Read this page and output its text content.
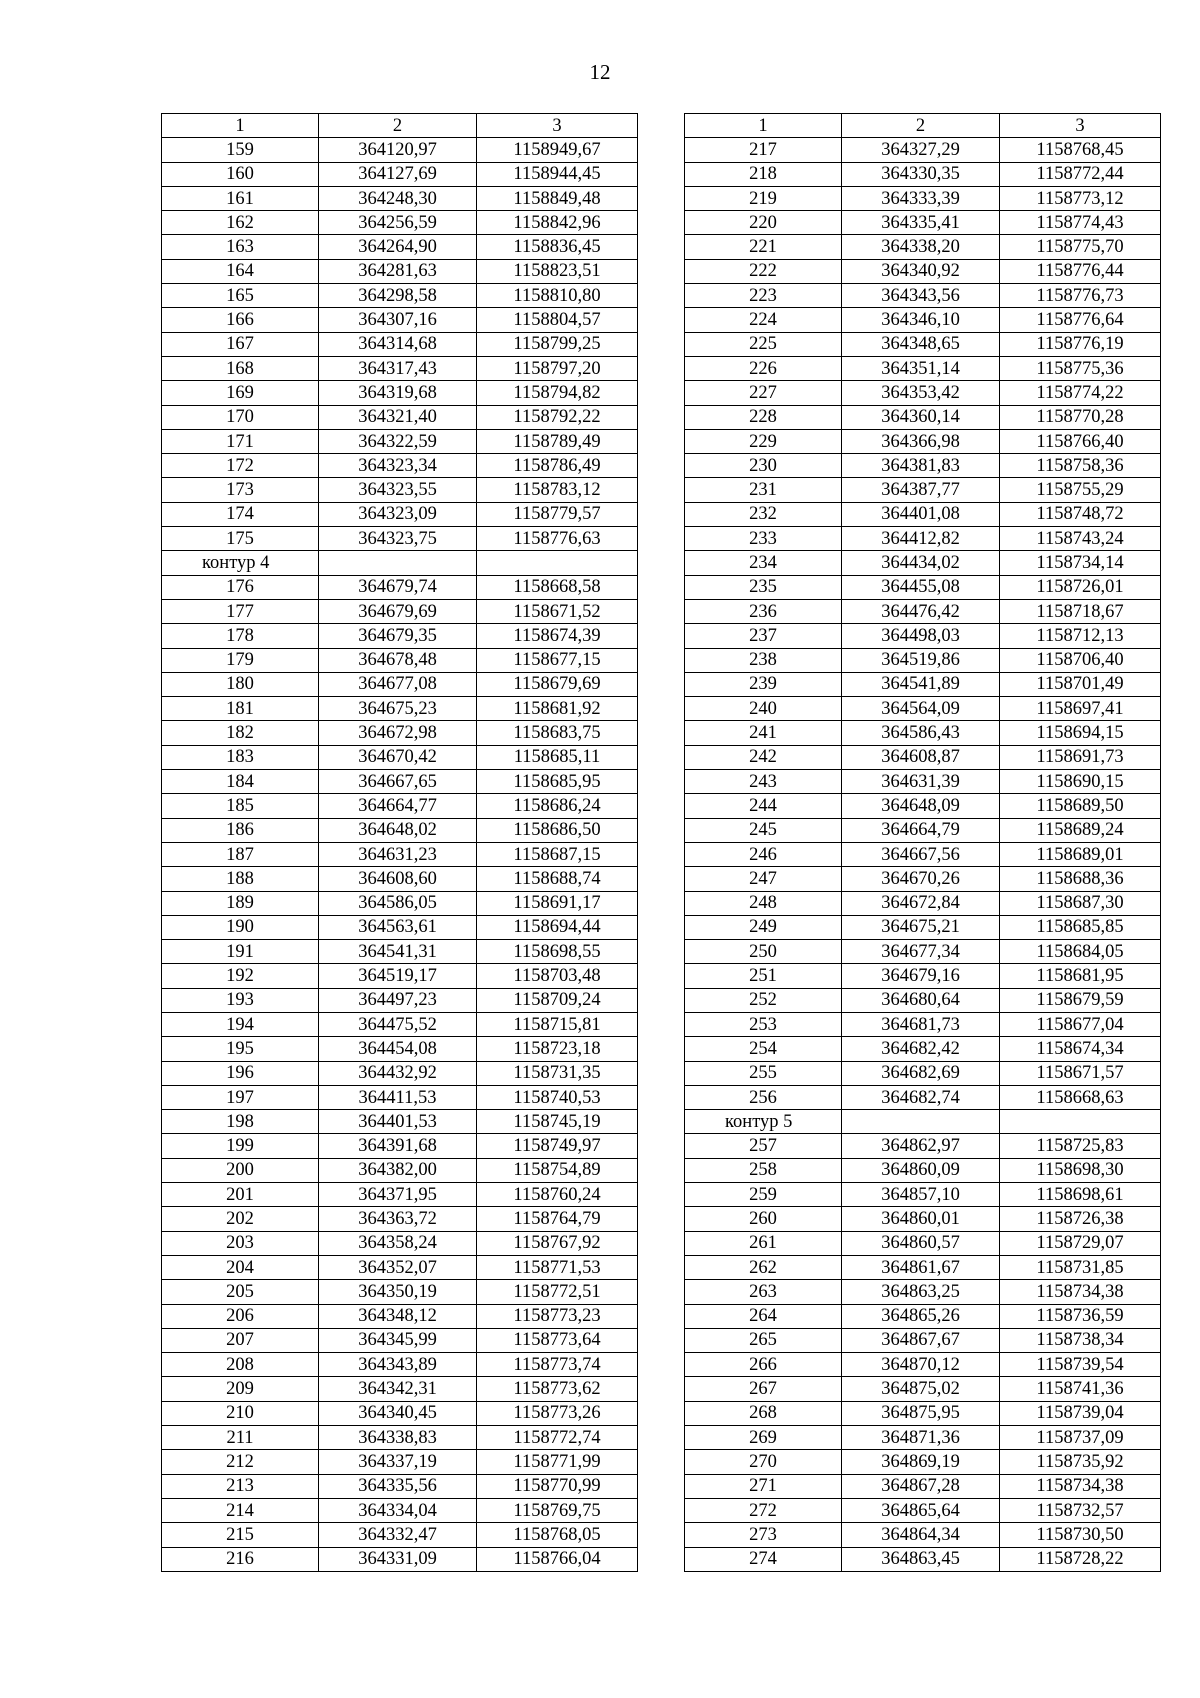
12
1	2	3
159	364120,97	1158949,67
160	364127,69	1158944,45
161	364248,30	1158849,48
162	364256,59	1158842,96
163	364264,90	1158836,45
164	364281,63	1158823,51
165	364298,58	1158810,80
166	364307,16	1158804,57
167	364314,68	1158799,25
168	364317,43	1158797,20
169	364319,68	1158794,82
170	364321,40	1158792,22
171	364322,59	1158789,49
172	364323,34	1158786,49
173	364323,55	1158783,12
174	364323,09	1158779,57
175	364323,75	1158776,63
контур 4		
176	364679,74	1158668,58
177	364679,69	1158671,52
178	364679,35	1158674,39
179	364678,48	1158677,15
180	364677,08	1158679,69
181	364675,23	1158681,92
182	364672,98	1158683,75
183	364670,42	1158685,11
184	364667,65	1158685,95
185	364664,77	1158686,24
186	364648,02	1158686,50
187	364631,23	1158687,15
188	364608,60	1158688,74
189	364586,05	1158691,17
190	364563,61	1158694,44
191	364541,31	1158698,55
192	364519,17	1158703,48
193	364497,23	1158709,24
194	364475,52	1158715,81
195	364454,08	1158723,18
196	364432,92	1158731,35
197	364411,53	1158740,53
198	364401,53	1158745,19
199	364391,68	1158749,97
200	364382,00	1158754,89
201	364371,95	1158760,24
202	364363,72	1158764,79
203	364358,24	1158767,92
204	364352,07	1158771,53
205	364350,19	1158772,51
206	364348,12	1158773,23
207	364345,99	1158773,64
208	364343,89	1158773,74
209	364342,31	1158773,62
210	364340,45	1158773,26
211	364338,83	1158772,74
212	364337,19	1158771,99
213	364335,56	1158770,99
214	364334,04	1158769,75
215	364332,47	1158768,05
216	364331,09	1158766,04
1	2	3
217	364327,29	1158768,45
218	364330,35	1158772,44
219	364333,39	1158773,12
220	364335,41	1158774,43
221	364338,20	1158775,70
222	364340,92	1158776,44
223	364343,56	1158776,73
224	364346,10	1158776,64
225	364348,65	1158776,19
226	364351,14	1158775,36
227	364353,42	1158774,22
228	364360,14	1158770,28
229	364366,98	1158766,40
230	364381,83	1158758,36
231	364387,77	1158755,29
232	364401,08	1158748,72
233	364412,82	1158743,24
234	364434,02	1158734,14
235	364455,08	1158726,01
236	364476,42	1158718,67
237	364498,03	1158712,13
238	364519,86	1158706,40
239	364541,89	1158701,49
240	364564,09	1158697,41
241	364586,43	1158694,15
242	364608,87	1158691,73
243	364631,39	1158690,15
244	364648,09	1158689,50
245	364664,79	1158689,24
246	364667,56	1158689,01
247	364670,26	1158688,36
248	364672,84	1158687,30
249	364675,21	1158685,85
250	364677,34	1158684,05
251	364679,16	1158681,95
252	364680,64	1158679,59
253	364681,73	1158677,04
254	364682,42	1158674,34
255	364682,69	1158671,57
256	364682,74	1158668,63
контур 5		
257	364862,97	1158725,83
258	364860,09	1158698,30
259	364857,10	1158698,61
260	364860,01	1158726,38
261	364860,57	1158729,07
262	364861,67	1158731,85
263	364863,25	1158734,38
264	364865,26	1158736,59
265	364867,67	1158738,34
266	364870,12	1158739,54
267	364875,02	1158741,36
268	364875,95	1158739,04
269	364871,36	1158737,09
270	364869,19	1158735,92
271	364867,28	1158734,38
272	364865,64	1158732,57
273	364864,34	1158730,50
274	364863,45	1158728,22
